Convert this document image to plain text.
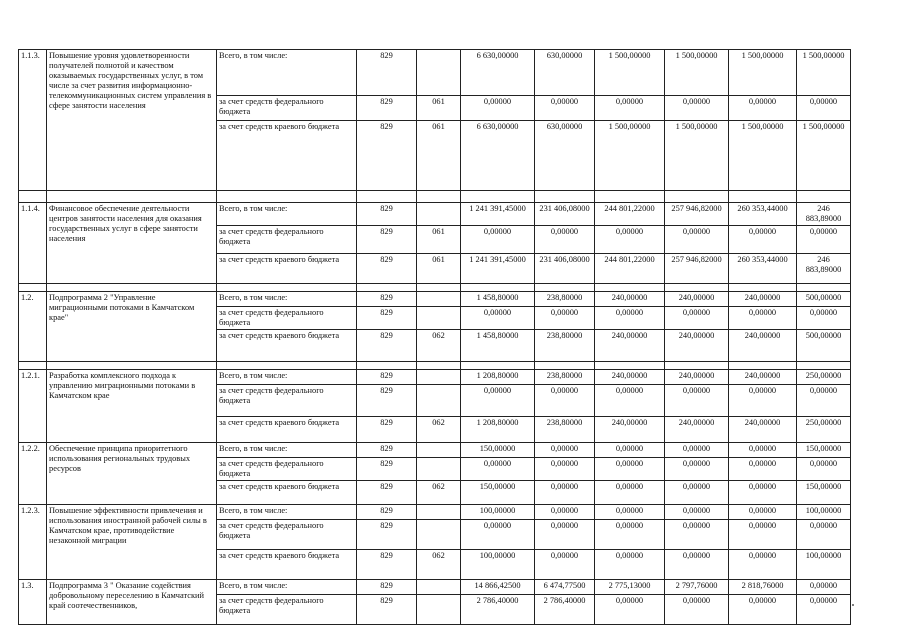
1.1.3.	Повышение уровня удовлетворенности получателей полнотой и качеством оказываемых государственных услуг, в том числе за счет развития информационно-телекоммуникационных систем управления в сфере занятости населения	Всего, в том числе:	829		6 630,00000	630,00000	1 500,00000	1 500,00000	1 500,00000	1 500,00000
		за счет средств федерального бюджета	829	061	0,00000	0,00000	0,00000	0,00000	0,00000	0,00000
		за счет средств краевого бюджета	829	061	6 630,00000	630,00000	1 500,00000	1 500,00000	1 500,00000	1 500,00000

1.1.4.	Финансовое обеспечение деятельности центров занятости населения для оказания государственных услуг в сфере занятости населения	Всего, в том числе:	829		1 241 391,45000	231 406,08000	244 801,22000	257 946,82000	260 353,44000	246 883,89000
		за счет средств федерального бюджета	829	061	0,00000	0,00000	0,00000	0,00000	0,00000	0,00000
		за счет средств краевого бюджета	829	061	1 241 391,45000	231 406,08000	244 801,22000	257 946,82000	260 353,44000	246 883,89000

1.2.	Подпрограмма 2 "Управление миграционными потоками в Камчатском крае"	Всего, в том числе:	829		1 458,80000	238,80000	240,00000	240,00000	240,00000	500,00000
		за счет средств федерального бюджета	829		0,00000	0,00000	0,00000	0,00000	0,00000	0,00000
		за счет средств краевого бюджета	829	062	1 458,80000	238,80000	240,00000	240,00000	240,00000	500,00000

1.2.1.	Разработка комплексного подхода к управлению миграционными потоками в Камчатском крае	Всего, в том числе:	829		1 208,80000	238,80000	240,00000	240,00000	240,00000	250,00000
		за счет средств федерального бюджета	829		0,00000	0,00000	0,00000	0,00000	0,00000	0,00000
		за счет средств краевого бюджета	829	062	1 208,80000	238,80000	240,00000	240,00000	240,00000	250,00000
1.2.2.	Обеспечение принципа приоритетного использования региональных трудовых ресурсов	Всего, в том числе:	829		150,00000	0,00000	0,00000	0,00000	0,00000	150,00000
		за счет средств федерального бюджета	829		0,00000	0,00000	0,00000	0,00000	0,00000	0,00000
		за счет средств краевого бюджета	829	062	150,00000	0,00000	0,00000	0,00000	0,00000	150,00000
1.2.3.	Повышение эффективности привлечения и использования иностранной рабочей силы в Камчатском крае, противодействие незаконной миграции	Всего, в том числе:	829		100,00000	0,00000	0,00000	0,00000	0,00000	100,00000
		за счет средств федерального бюджета	829		0,00000	0,00000	0,00000	0,00000	0,00000	0,00000
		за счет средств краевого бюджета	829	062	100,00000	0,00000	0,00000	0,00000	0,00000	100,00000
1.3.	Подпрограмма 3 " Оказание содействия добровольному переселению в Камчатский край соотечественников,	Всего, в том числе:	829		14 866,42500	6 474,77500	2 775,13000	2 797,76000	2 818,76000	0,00000
		за счет средств федерального бюджета	829		2 786,40000	2 786,40000	0,00000	0,00000	0,00000	0,00000
